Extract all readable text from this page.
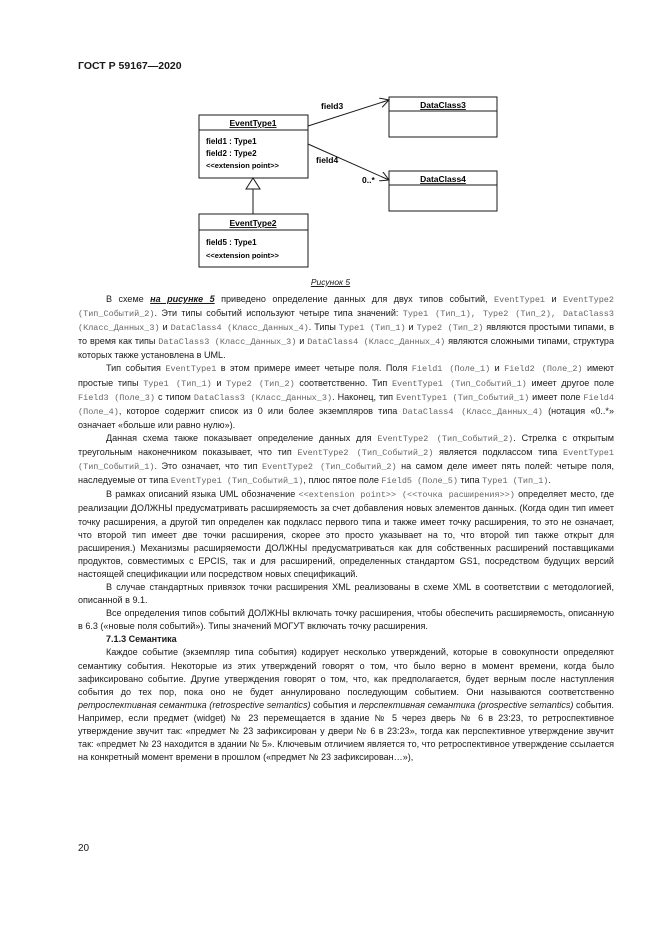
ГОСТ Р 59167—2020
EventType1
field1 : Type1
field2 : Type2
<<extension point>>
EventType2
field5 : Type1
<<extension point>>
DataClass3
DataClass4
field3
field4
0..*
Рисунок 5

В схеме на рисунке 5 приведено определение данных для двух типов событий, EventType1 и EventType2 (Тип_Событий_2). Эти типы событий используют четыре типа значений: Type1 (Тип_1), Type2 (Тип_2), DataClass3 (Класс_Данных_3) и DataClass4 (Класс_Данных_4). Типы Type1 (Тип_1) и Type2 (Тип_2) являются простыми типами, в то время как типы DataClass3 (Класс_Данных_3) и DataClass4 (Класс_Данных_4) являются сложными типами, структура которых также установлена в UML.

Тип события EventType1 в этом примере имеет четыре поля. Поля Field1 (Поле_1) и Field2 (Поле_2) имеют простые типы Type1 (Тип_1) и Type2 (Тип_2) соответственно. Тип EventType1 (Тип_Событий_1) имеет другое поле Field3 (Поле_3) с типом DataClass3 (Класс_Данных_3). Наконец, тип EventType1 (Тип_Событий_1) имеет поле Field4 (Поле_4), которое содержит список из 0 или более экземпляров типа DataClass4 (Класс_Данных_4) (нотация «0..*» означает «больше или равно нулю»).

Данная схема также показывает определение данных для EventType2 (Тип_Событий_2). Стрелка с открытым треугольным наконечником показывает, что тип EventType2 (Тип_Событий_2) является подклассом типа EventType1 (Тип_Событий_1). Это означает, что тип EventType2 (Тип_Событий_2) на самом деле имеет пять полей: четыре поля, наследуемые от типа EventType1 (Тип_Событий_1), плюс пятое поле Field5 (Поле_5) типа Type1 (Тип_1).

В рамках описаний языка UML обозначение <<extension point>> (<<точка расширения>>) определяет место, где реализации ДОЛЖНЫ предусматривать расширяемость за счет добавления новых элементов данных. (Когда один тип имеет точку расширения, а другой тип определен как подкласс первого типа и также имеет точку расширения, то это не означает, что второй тип имеет две точки расширения, скорее это просто указывает на то, что второй тип также открыт для расширения.) Механизмы расширяемости ДОЛЖНЫ предусматриваться как для собственных расширений поставщиками продуктов, совместимых с EPCIS, так и для расширений, определенных стандартом GS1, посредством будущих версий настоящей спецификации или посредством новых спецификаций.

В случае стандартных привязок точки расширения XML реализованы в схеме XML в соответствии с методологией, описанной в 9.1.

Все определения типов событий ДОЛЖНЫ включать точку расширения, чтобы обеспечить расширяемость, описанную в 6.3 («новые поля событий»). Типы значений МОГУТ включать точку расширения.

7.1.3 Семантика

Каждое событие (экземпляр типа события) кодирует несколько утверждений, которые в совокупности определяют семантику события. Некоторые из этих утверждений говорят о том, что было верно в момент времени, когда было зафиксировано событие. Другие утверждения говорят о том, что, как предполагается, будет верным после наступления события до тех пор, пока оно не будет аннулировано последующим событием. Они называются соответственно ретроспективная семантика (retrospective semantics) события и перспективная семантика (prospective semantics) события. Например, если предмет (widget) № 23 перемещается в здание № 5 через дверь № 6 в 23:23, то ретроспективное утверждение звучит так: «предмет № 23 зафиксирован у двери № 6 в 23:23», тогда как перспективное утверждение звучит так: «предмет № 23 находится в здании № 5». Ключевым отличием является то, что ретроспективное утверждение ссылается на конкретный момент времени в прошлом («предмет № 23 зафиксирован…»),

20
